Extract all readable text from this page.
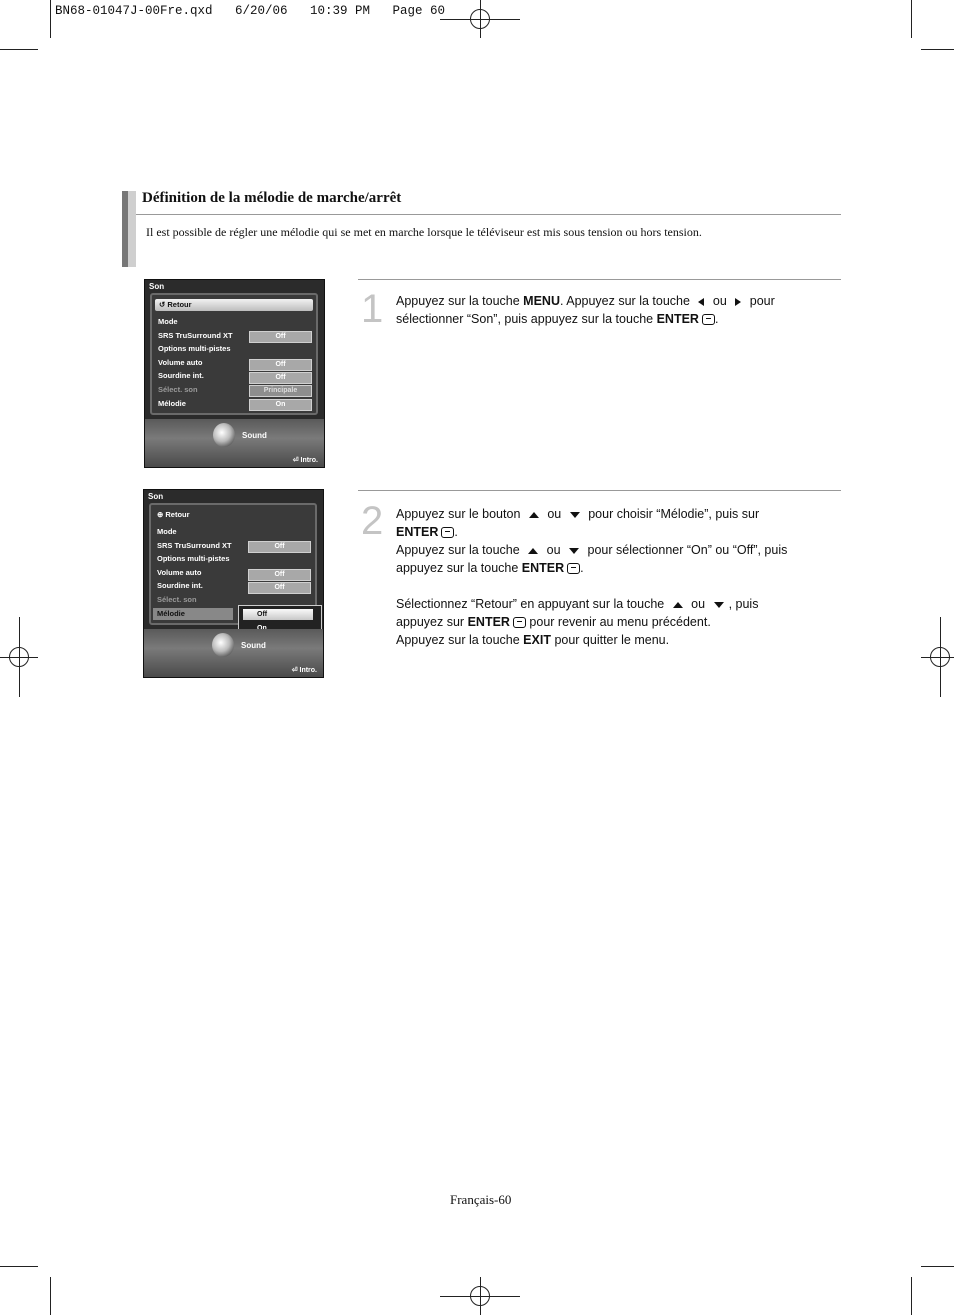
BN68-01047J-00Fre.qxd   6/20/06   10:39 PM   Page 60
Définition de la mélodie de marche/arrêt
Il est possible de régler une mélodie qui se met en marche lorsque le téléviseur est mis sous tension ou hors tension.
Son
↺ Retour
Mode
SRS TruSurround XT	Off
Options multi-pistes
Volume auto	Off
Sourdine int.	Off
Sélect. son	Principale
Mélodie	On
Sound
⏎ Intro.
Son
⊕ Retour
Mode
SRS TruSurround XT	Off
Options multi-pistes
Volume auto	Off
Sourdine int.	Off
Sélect. son
Mélodie	Off
Sound
⏎ Intro.
1 Appuyez sur la touche MENU. Appuyez sur la touche  ou  pour
sélectionner “Son”, puis appuyez sur la touche ENTER .
2 Appuyez sur le bouton  ou  pour choisir “Mélodie”, puis sur
ENTER .
Appuyez sur la touche  ou  pour sélectionner “On” ou “Off”, puis
appuyez sur la touche ENTER .
Sélectionnez “Retour” en appuyant sur la touche  ou , puis
appuyez sur ENTER pour revenir au menu précédent.
Appuyez sur la touche EXIT pour quitter le menu.
Français-60
